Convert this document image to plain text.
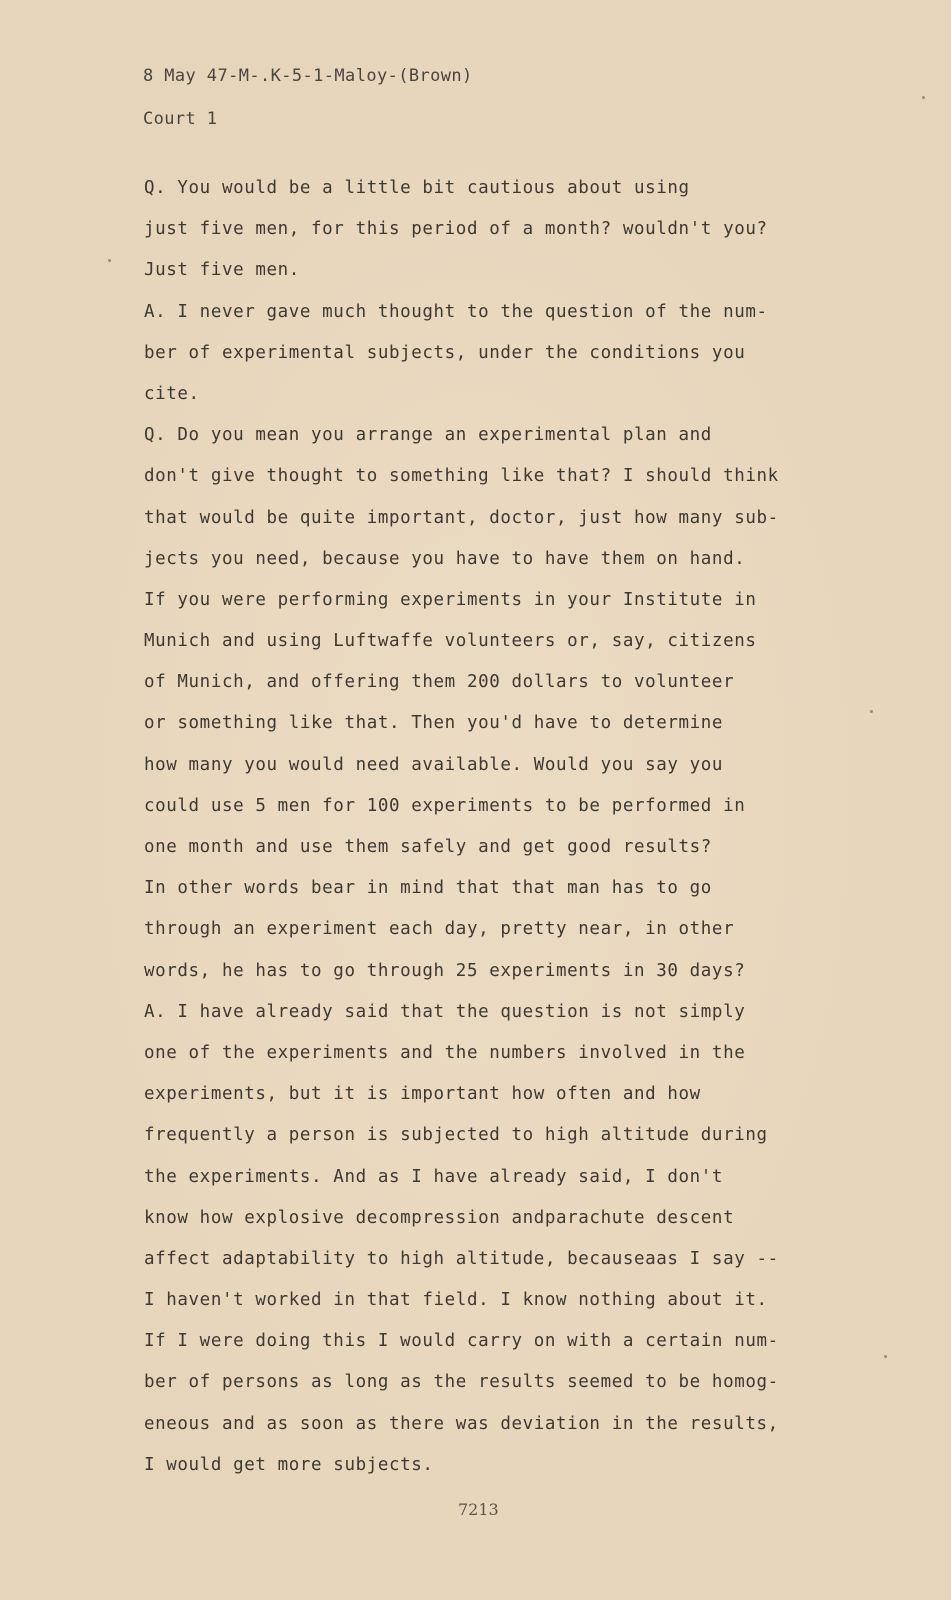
8 May 47-M-.K-5-1-Maloy-(Brown)
Court 1
Q. You would be a little bit cautious about using
just five men, for this period of a month? wouldn't you?
Just five men.
A. I never gave much thought to the question of the num-
ber of experimental subjects, under the conditions you
cite.
Q. Do you mean you arrange an experimental plan and
don't give thought to something like that? I should think
that would be quite important, doctor, just how many sub-
jects you need, because you have to have them on hand.
If you were performing experiments in your Institute in
Munich and using Luftwaffe volunteers or, say, citizens
of Munich, and offering them 200 dollars to volunteer
or something like that. Then you'd have to determine
how many you would need available. Would you say you
could use 5 men for 100 experiments to be performed in
one month and use them safely and get good results?
In other words bear in mind that that man has to go
through an experiment each day, pretty near, in other
words, he has to go through 25 experiments in 30 days?
A. I have already said that the question is not simply
one of the experiments and the numbers involved in the
experiments, but it is important how often and how
frequently a person is subjected to high altitude during
the experiments. And as I have already said, I don't
know how explosive decompression andparachute descent
affect adaptability to high altitude, becauseaas I say --
I haven't worked in that field. I know nothing about it.
If I were doing this I would carry on with a certain num-
ber of persons as long as the results seemed to be homog-
eneous and as soon as there was deviation in the results,
I would get more subjects.
7213
